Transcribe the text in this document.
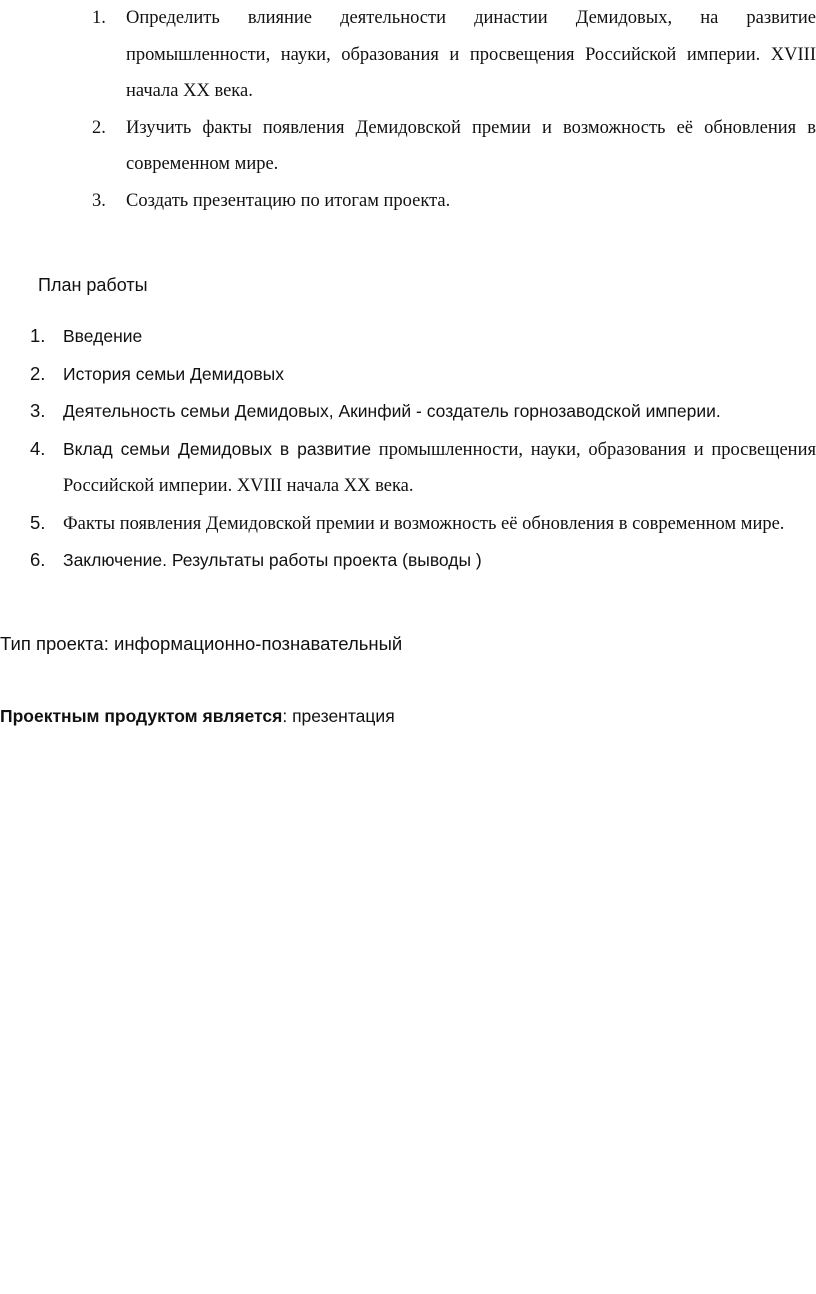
1. Определить влияние деятельности династии Демидовых, на развитие промышленности, науки, образования и просвещения Российской империи. XVIII начала XX века.
2. Изучить факты появления Демидовской премии и возможность её обновления в современном мире.
3. Создать презентацию по итогам проекта.
План работы
1. Введение
2. История семьи Демидовых
3. Деятельность семьи Демидовых, Акинфий - создатель горнозаводской империи.
4. Вклад семьи Демидовых в развитие промышленности, науки, образования и просвещения Российской империи. XVIII начала XX века.
5. Факты появления Демидовской премии и возможность её обновления в современном мире.
6. Заключение. Результаты работы проекта (выводы )
Тип проекта: информационно-познавательный
Проектным продуктом является: презентация
